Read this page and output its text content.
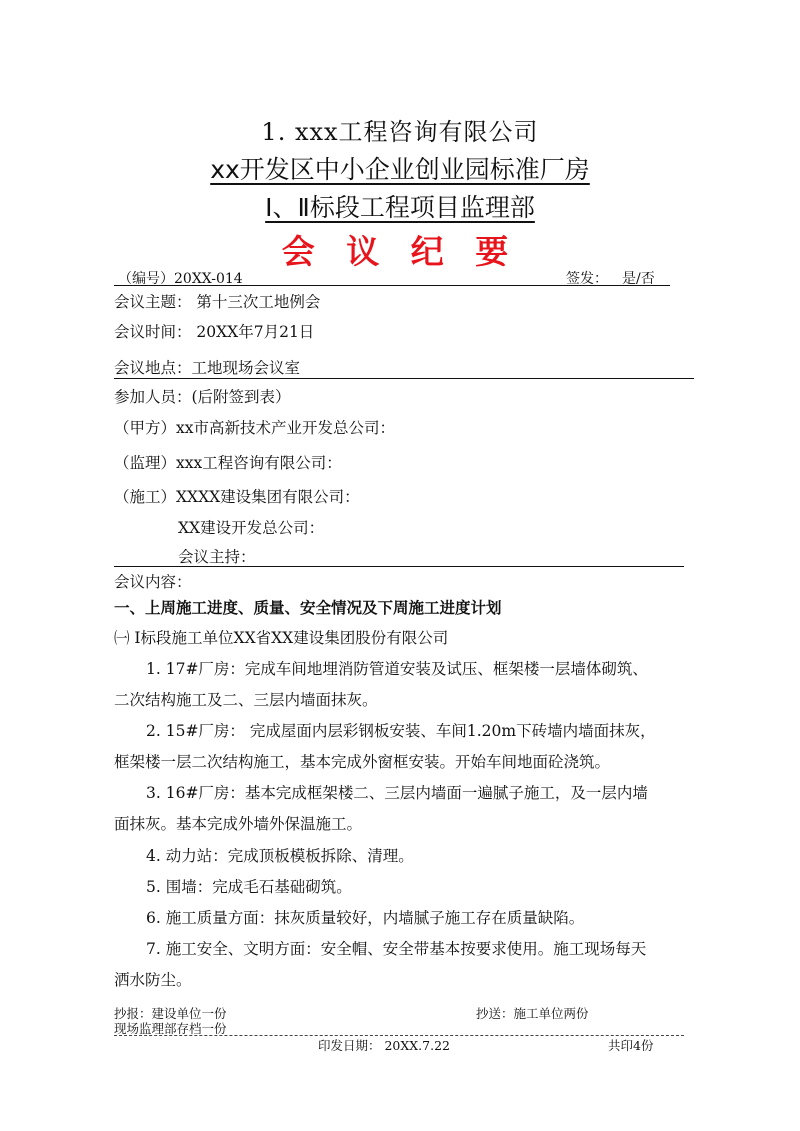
1. xxx工程咨询有限公司
xx开发区中小企业创业园标准厂房
Ⅰ、Ⅱ标段工程项目监理部
会 议 纪 要
（编号）20XX-014	签发： 是/否
会议主题： 第十三次工地例会
会议时间： 20XX年7月21日
会议地点：工地现场会议室
参加人员：(后附签到表）
（甲方）xx市高新技术产业开发总公司：
（监理）xxx工程咨询有限公司：
（施工）XXXX建设集团有限公司：
XX建设开发总公司：
会议主持：
会议内容：
一、上周施工进度、质量、安全情况及下周施工进度计划
㈠ Ⅰ标段施工单位XX省XX建设集团股份有限公司
1. 17#厂房：完成车间地埋消防管道安装及试压、框架楼一层墙体砌筑、
二次结构施工及二、三层内墙面抹灰。
2. 15#厂房： 完成屋面内层彩钢板安装、车间1.20m下砖墙内墙面抹灰，
框架楼一层二次结构施工，基本完成外窗框安装。开始车间地面砼浇筑。
3. 16#厂房：基本完成框架楼二、三层内墙面一遍腻子施工，及一层内墙
面抹灰。基本完成外墙外保温施工。
4. 动力站：完成顶板模板拆除、清理。
5. 围墙：完成毛石基础砌筑。
6. 施工质量方面：抹灰质量较好，内墙腻子施工存在质量缺陷。
7. 施工安全、文明方面：安全帽、安全带基本按要求使用。施工现场每天
洒水防尘。
抄报：建设单位一份	抄送：施工单位两份
现场监理部存档一份
印发日期： 20XX.7.22	共印4份
